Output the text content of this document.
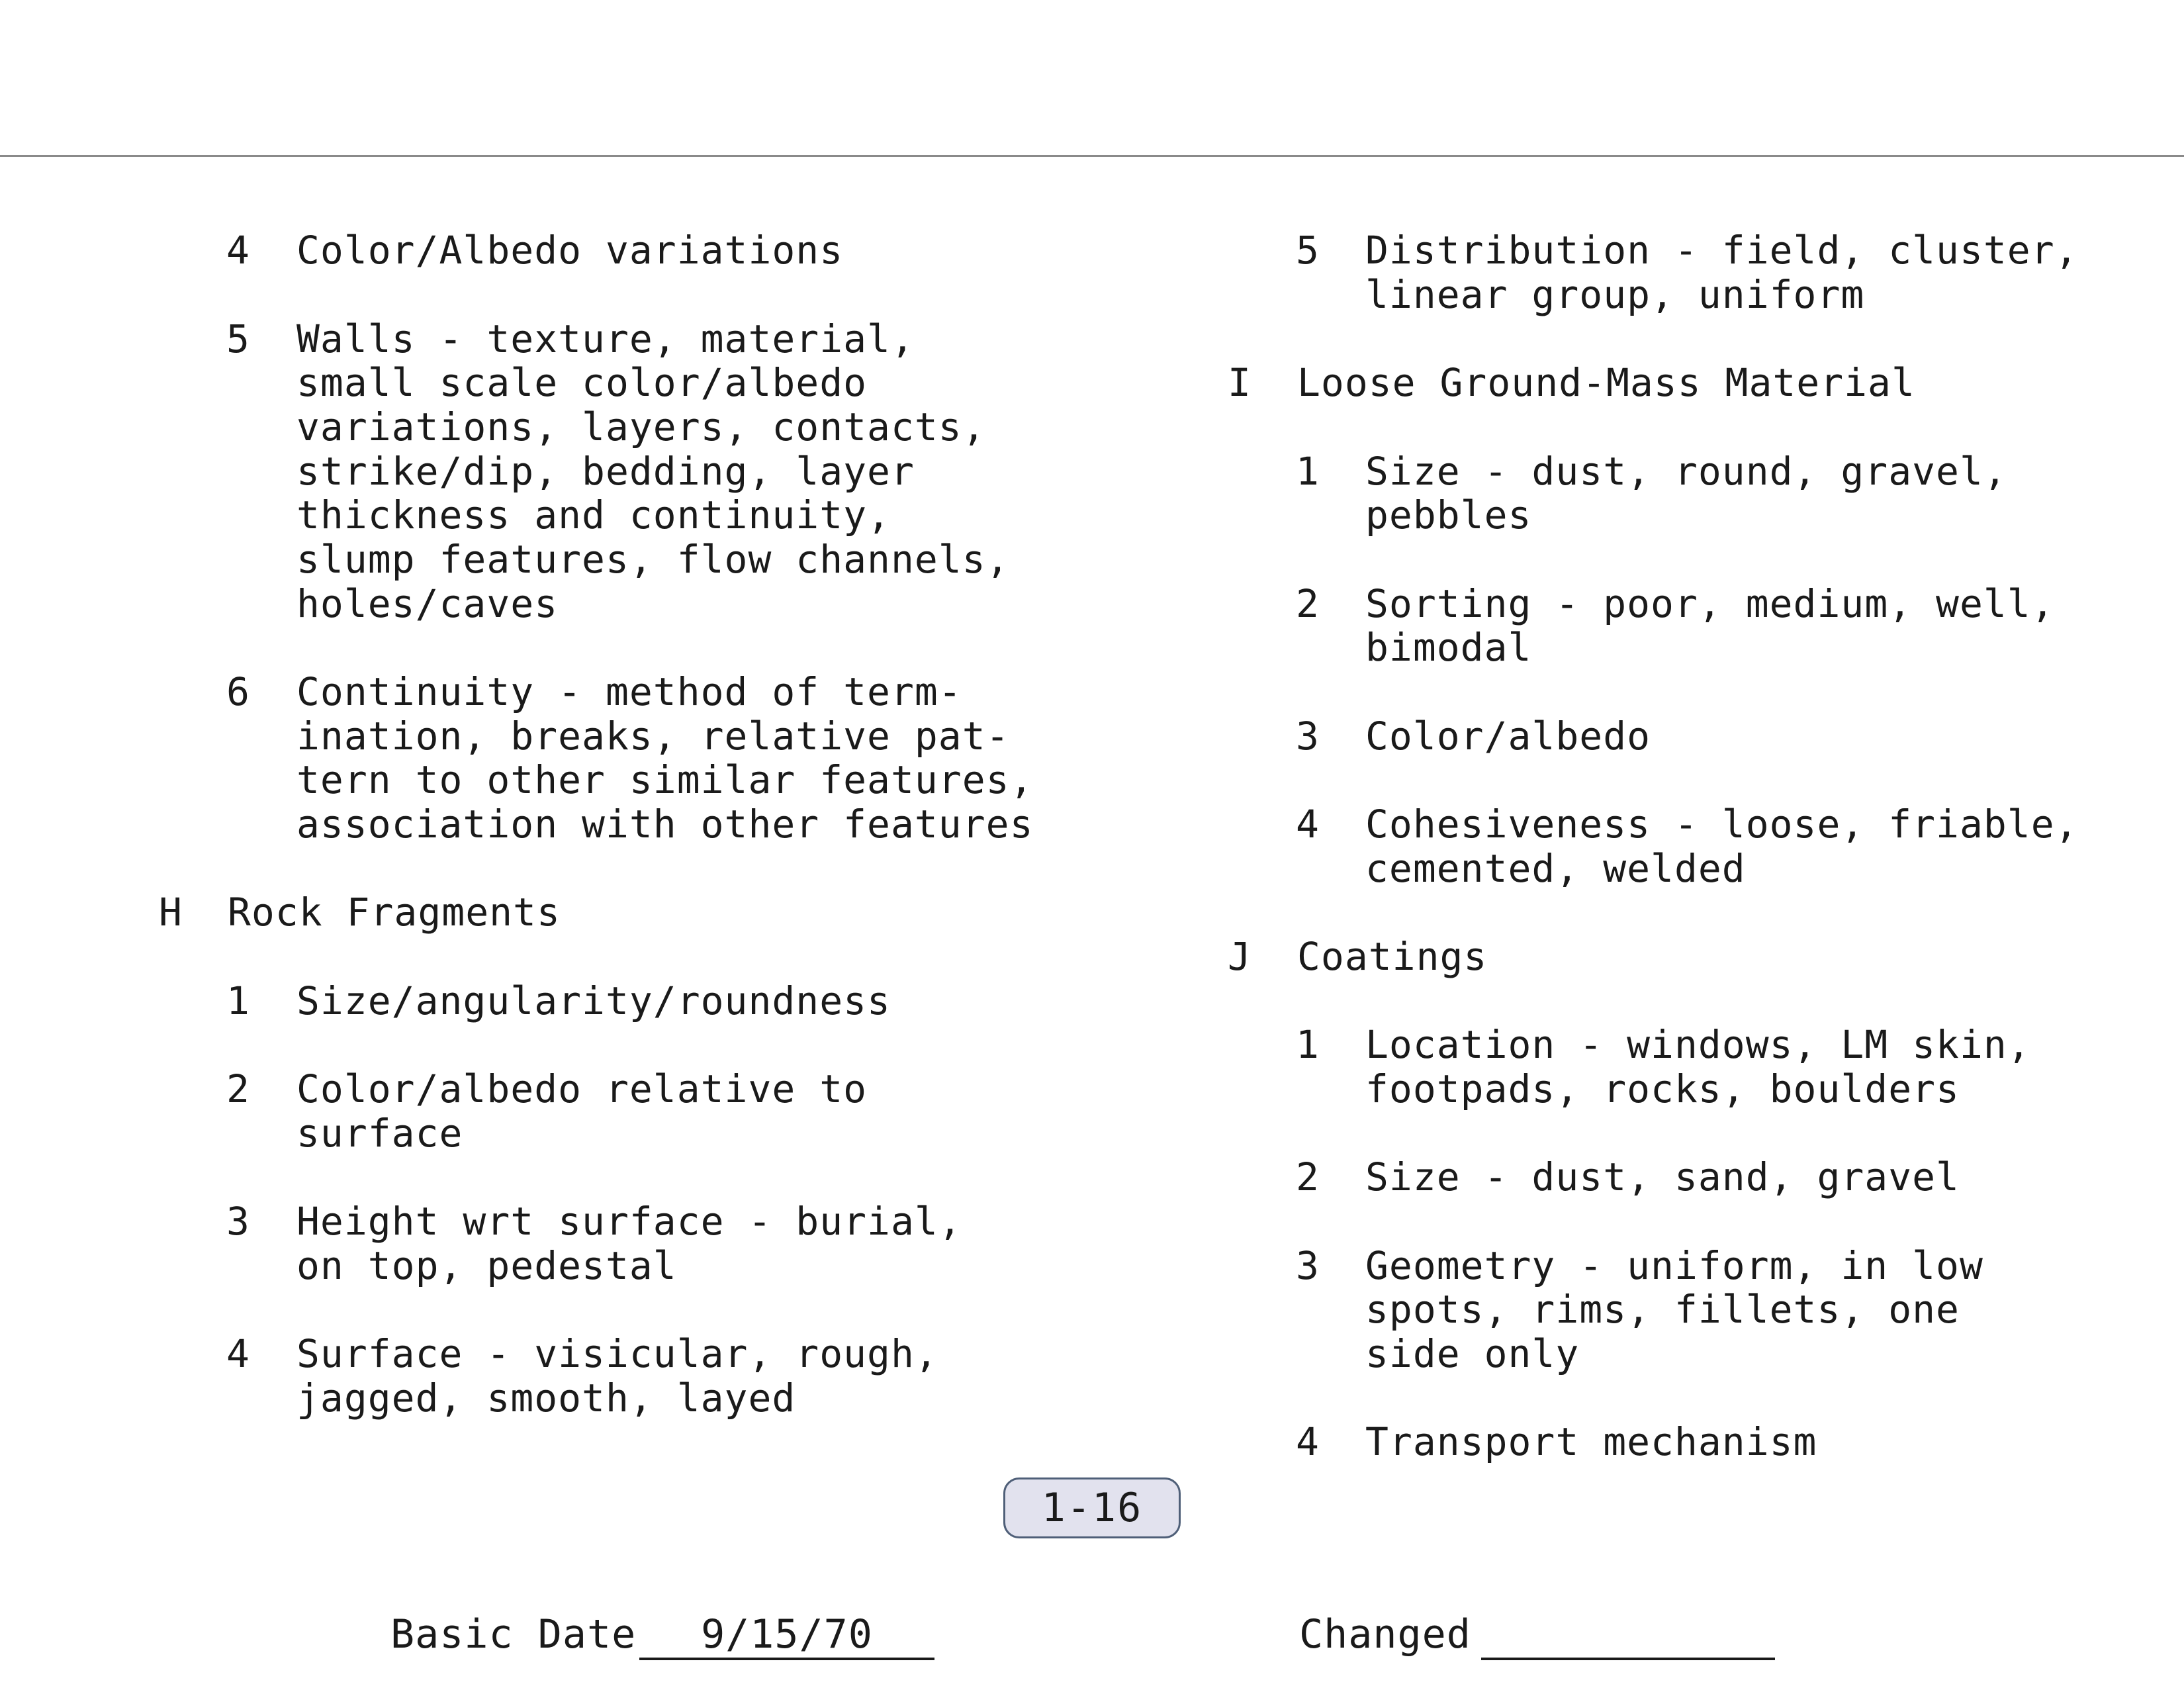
4 Color/Albedo variations
5 Walls - texture, material,
small scale color/albedo
variations, layers, contacts,
strike/dip, bedding, layer
thickness and continuity,
slump features, flow channels,
holes/caves
6 Continuity - method of term-
ination, breaks, relative pat-
tern to other similar features,
association with other features
H Rock Fragments
1 Size/angularity/roundness
2 Color/albedo relative to
surface
3 Height wrt surface - burial,
on top, pedestal
4 Surface - visicular, rough,
jagged, smooth, layed
5 Distribution - field, cluster,
linear group, uniform
I Loose Ground-Mass Material
1 Size - dust, round, gravel,
pebbles
2 Sorting - poor, medium, well,
bimodal
3 Color/albedo
4 Cohesiveness - loose, friable,
cemented, welded
J Coatings
1 Location - windows, LM skin,
footpads, rocks, boulders
2 Size - dust, sand, gravel
3 Geometry - uniform, in low
spots, rims, fillets, one
side only
4 Transport mechanism
1-16
Basic Date	9/15/70	Changed
